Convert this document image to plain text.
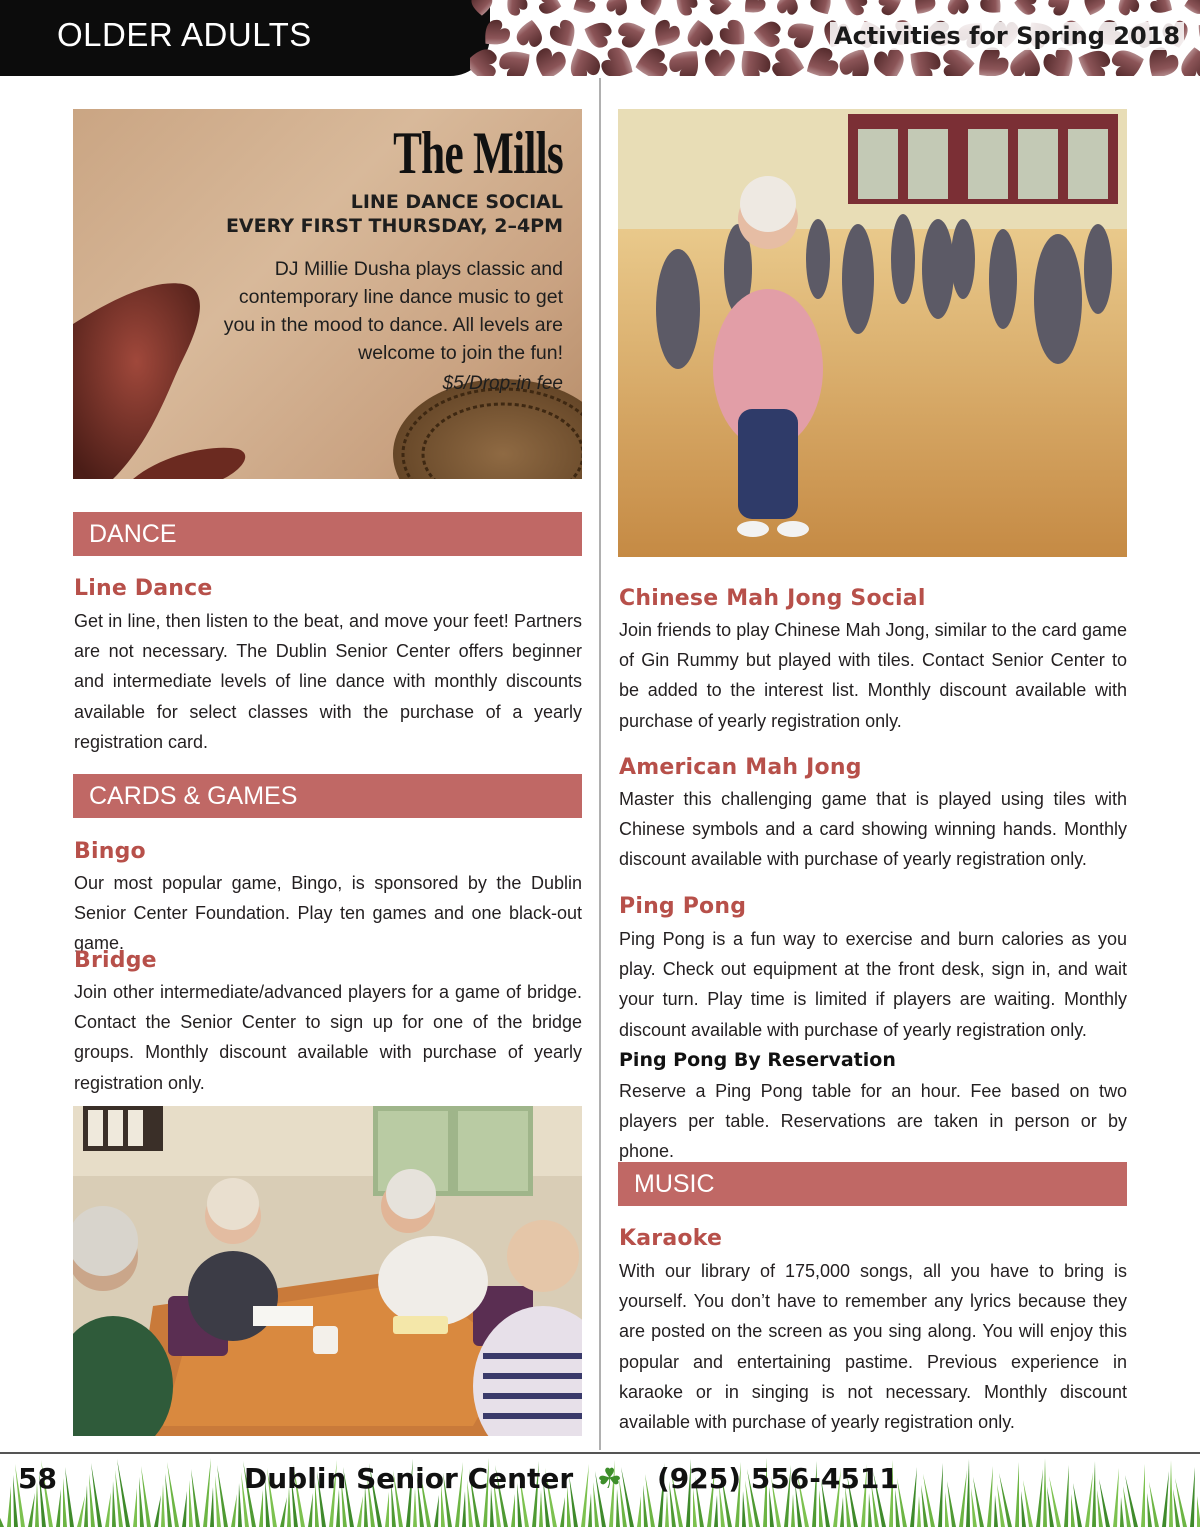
OLDER ADULTS	Activities for Spring 2018
The Mills
LINE DANCE SOCIAL
EVERY FIRST THURSDAY, 2–4PM
DJ Millie Dusha plays classic and contemporary line dance music to get you in the mood to dance. All levels are welcome to join the fun!
$5/Drop-in fee
DANCE
Line Dance
Get in line, then listen to the beat, and move your feet! Partners are not necessary. The Dublin Senior Center offers beginner and intermediate levels of line dance with monthly discounts available for select classes with the purchase of a yearly registration card.
CARDS & GAMES
Bingo
Our most popular game, Bingo, is sponsored by the Dublin Senior Center Foundation. Play ten games and one black-out game.
Bridge
Join other intermediate/advanced players for a game of bridge. Contact the Senior Center to sign up for one of the bridge groups. Monthly discount available with purchase of yearly registration only.
Chinese Mah Jong Social
Join friends to play Chinese Mah Jong, similar to the card game of Gin Rummy but played with tiles. Contact Senior Center to be added to the interest list. Monthly discount available with purchase of yearly registration only.
American Mah Jong
Master this challenging game that is played using tiles with Chinese symbols and a card showing winning hands. Monthly discount available with purchase of yearly registration only.
Ping Pong
Ping Pong is a fun way to exercise and burn calories as you play. Check out equipment at the front desk, sign in, and wait your turn. Play time is limited if players are waiting. Monthly discount available with purchase of yearly registration only.
Ping Pong By Reservation
Reserve a Ping Pong table for an hour. Fee based on two players per table. Reservations are taken in person or by phone.
MUSIC
Karaoke
With our library of 175,000 songs, all you have to bring is yourself. You don’t have to remember any lyrics because they are posted on the screen as you sing along. You will enjoy this popular and entertaining pastime. Previous experience in karaoke or in singing is not necessary. Monthly discount available with purchase of yearly registration only.
58	Dublin Senior Center ☘ (925) 556-4511
